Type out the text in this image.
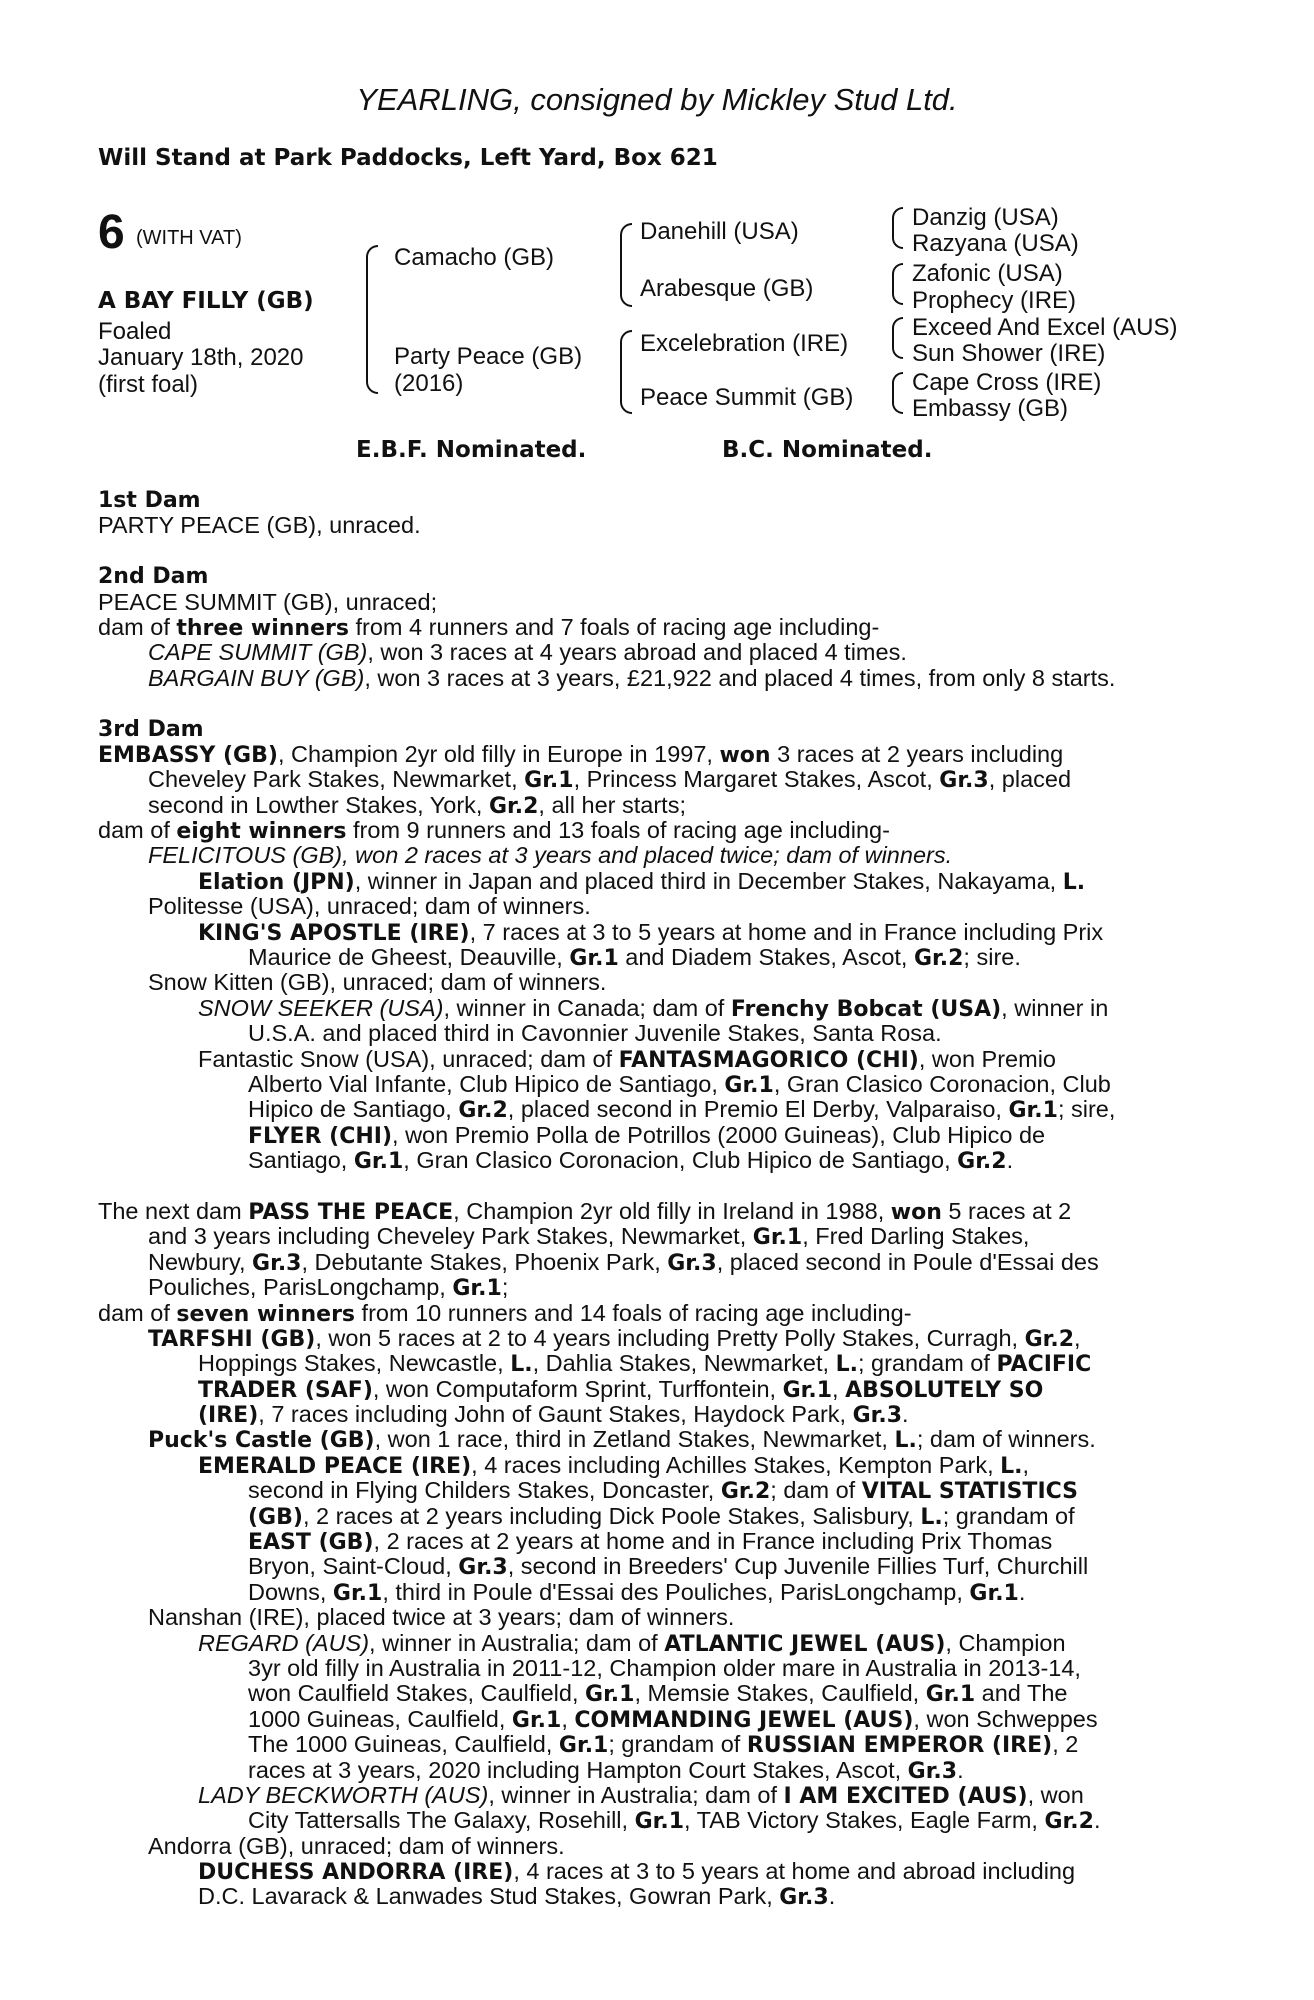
YEARLING, consigned by Mickley Stud Ltd.
Will Stand at Park Paddocks, Left Yard, Box 621
6 (WITH VAT)
A BAY FILLY (GB)
Foaled
January 18th, 2020
(first foal)
Camacho (GB)
Party Peace (GB)
(2016)
Danehill (USA)
Arabesque (GB)
Excelebration (IRE)
Peace Summit (GB)
Danzig (USA)
Razyana (USA)
Zafonic (USA)
Prophecy (IRE)
Exceed And Excel (AUS)
Sun Shower (IRE)
Cape Cross (IRE)
Embassy (GB)
E.B.F. Nominated.	B.C. Nominated.
1st Dam
PARTY PEACE (GB), unraced.
2nd Dam
PEACE SUMMIT (GB), unraced;
dam of three winners from 4 runners and 7 foals of racing age including-
CAPE SUMMIT (GB), won 3 races at 4 years abroad and placed 4 times.
BARGAIN BUY (GB), won 3 races at 3 years, £21,922 and placed 4 times, from only 8 starts.
3rd Dam
EMBASSY (GB), Champion 2yr old filly in Europe in 1997, won 3 races at 2 years including
Cheveley Park Stakes, Newmarket, Gr.1, Princess Margaret Stakes, Ascot, Gr.3, placed
second in Lowther Stakes, York, Gr.2, all her starts;
dam of eight winners from 9 runners and 13 foals of racing age including-
FELICITOUS (GB), won 2 races at 3 years and placed twice; dam of winners.
Elation (JPN), winner in Japan and placed third in December Stakes, Nakayama, L.
Politesse (USA), unraced; dam of winners.
KING'S APOSTLE (IRE), 7 races at 3 to 5 years at home and in France including Prix
Maurice de Gheest, Deauville, Gr.1 and Diadem Stakes, Ascot, Gr.2; sire.
Snow Kitten (GB), unraced; dam of winners.
SNOW SEEKER (USA), winner in Canada; dam of Frenchy Bobcat (USA), winner in
U.S.A. and placed third in Cavonnier Juvenile Stakes, Santa Rosa.
Fantastic Snow (USA), unraced; dam of FANTASMAGORICO (CHI), won Premio
Alberto Vial Infante, Club Hipico de Santiago, Gr.1, Gran Clasico Coronacion, Club
Hipico de Santiago, Gr.2, placed second in Premio El Derby, Valparaiso, Gr.1; sire,
FLYER (CHI), won Premio Polla de Potrillos (2000 Guineas), Club Hipico de
Santiago, Gr.1, Gran Clasico Coronacion, Club Hipico de Santiago, Gr.2.
The next dam PASS THE PEACE, Champion 2yr old filly in Ireland in 1988, won 5 races at 2
and 3 years including Cheveley Park Stakes, Newmarket, Gr.1, Fred Darling Stakes,
Newbury, Gr.3, Debutante Stakes, Phoenix Park, Gr.3, placed second in Poule d'Essai des
Pouliches, ParisLongchamp, Gr.1;
dam of seven winners from 10 runners and 14 foals of racing age including-
TARFSHI (GB), won 5 races at 2 to 4 years including Pretty Polly Stakes, Curragh, Gr.2,
Hoppings Stakes, Newcastle, L., Dahlia Stakes, Newmarket, L.; grandam of PACIFIC
TRADER (SAF), won Computaform Sprint, Turffontein, Gr.1, ABSOLUTELY SO
(IRE), 7 races including John of Gaunt Stakes, Haydock Park, Gr.3.
Puck's Castle (GB), won 1 race, third in Zetland Stakes, Newmarket, L.; dam of winners.
EMERALD PEACE (IRE), 4 races including Achilles Stakes, Kempton Park, L.,
second in Flying Childers Stakes, Doncaster, Gr.2; dam of VITAL STATISTICS
(GB), 2 races at 2 years including Dick Poole Stakes, Salisbury, L.; grandam of
EAST (GB), 2 races at 2 years at home and in France including Prix Thomas
Bryon, Saint-Cloud, Gr.3, second in Breeders' Cup Juvenile Fillies Turf, Churchill
Downs, Gr.1, third in Poule d'Essai des Pouliches, ParisLongchamp, Gr.1.
Nanshan (IRE), placed twice at 3 years; dam of winners.
REGARD (AUS), winner in Australia; dam of ATLANTIC JEWEL (AUS), Champion
3yr old filly in Australia in 2011-12, Champion older mare in Australia in 2013-14,
won Caulfield Stakes, Caulfield, Gr.1, Memsie Stakes, Caulfield, Gr.1 and The
1000 Guineas, Caulfield, Gr.1, COMMANDING JEWEL (AUS), won Schweppes
The 1000 Guineas, Caulfield, Gr.1; grandam of RUSSIAN EMPEROR (IRE), 2
races at 3 years, 2020 including Hampton Court Stakes, Ascot, Gr.3.
LADY BECKWORTH (AUS), winner in Australia; dam of I AM EXCITED (AUS), won
City Tattersalls The Galaxy, Rosehill, Gr.1, TAB Victory Stakes, Eagle Farm, Gr.2.
Andorra (GB), unraced; dam of winners.
DUCHESS ANDORRA (IRE), 4 races at 3 to 5 years at home and abroad including
D.C. Lavarack & Lanwades Stud Stakes, Gowran Park, Gr.3.
